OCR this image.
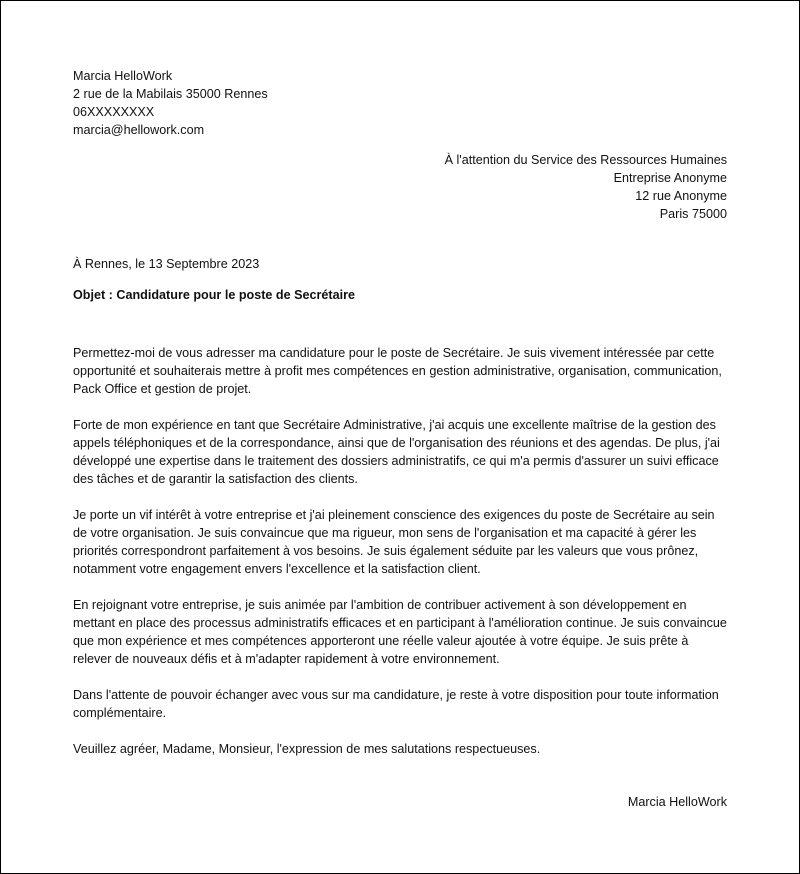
Marcia HelloWork
2 rue de la Mabilais 35000 Rennes
06XXXXXXXX
marcia@hellowork.com
À l'attention du Service des Ressources Humaines
Entreprise Anonyme
12 rue Anonyme
Paris 75000
À Rennes, le 13 Septembre 2023
Objet : Candidature pour le poste de Secrétaire

Permettez-moi de vous adresser ma candidature pour le poste de Secrétaire. Je suis vivement intéressée par cette opportunité et souhaiterais mettre à profit mes compétences en gestion administrative, organisation, communication, Pack Office et gestion de projet.

Forte de mon expérience en tant que Secrétaire Administrative, j'ai acquis une excellente maîtrise de la gestion des appels téléphoniques et de la correspondance, ainsi que de l'organisation des réunions et des agendas. De plus, j'ai développé une expertise dans le traitement des dossiers administratifs, ce qui m'a permis d'assurer un suivi efficace des tâches et de garantir la satisfaction des clients.

Je porte un vif intérêt à votre entreprise et j'ai pleinement conscience des exigences du poste de Secrétaire au sein de votre organisation. Je suis convaincue que ma rigueur, mon sens de l'organisation et ma capacité à gérer les priorités correspondront parfaitement à vos besoins. Je suis également séduite par les valeurs que vous prônez, notamment votre engagement envers l'excellence et la satisfaction client.

En rejoignant votre entreprise, je suis animée par l'ambition de contribuer activement à son développement en mettant en place des processus administratifs efficaces et en participant à l'amélioration continue. Je suis convaincue que mon expérience et mes compétences apporteront une réelle valeur ajoutée à votre équipe. Je suis prête à relever de nouveaux défis et à m'adapter rapidement à votre environnement.

Dans l'attente de pouvoir échanger avec vous sur ma candidature, je reste à votre disposition pour toute information complémentaire.

Veuillez agréer, Madame, Monsieur, l'expression de mes salutations respectueuses.

Marcia HelloWork
